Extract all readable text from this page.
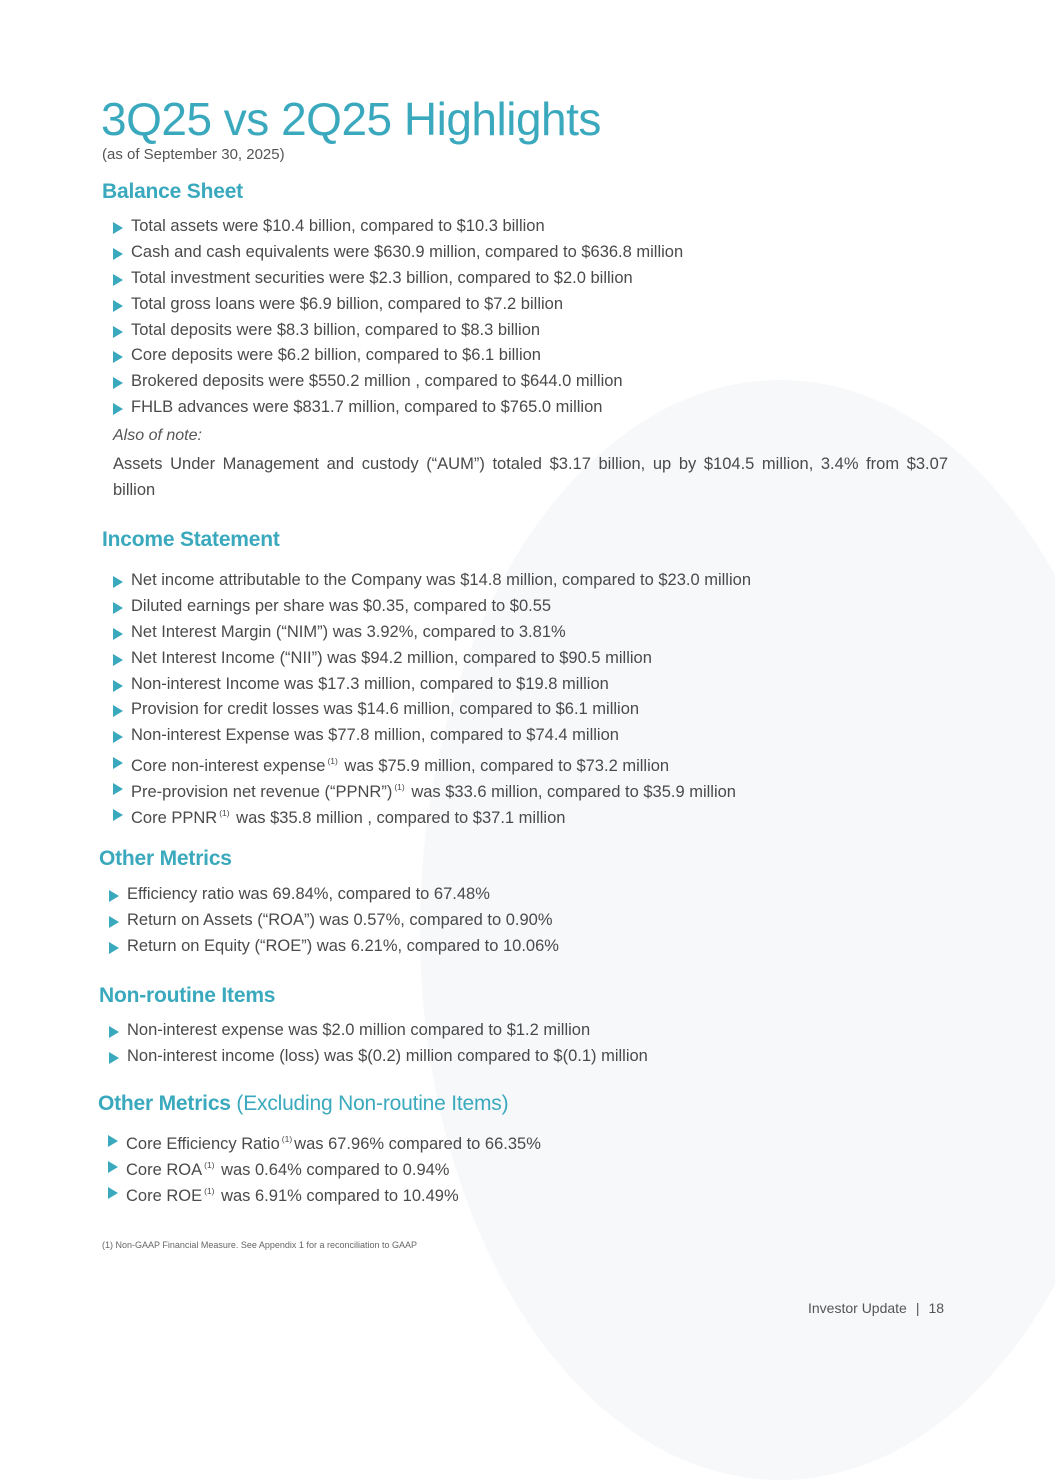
3Q25 vs 2Q25 Highlights
(as of September 30, 2025)
Balance Sheet
Total assets were $10.4 billion, compared to $10.3 billion
Cash and cash equivalents were $630.9 million, compared to $636.8 million
Total investment securities were $2.3 billion, compared to $2.0 billion
Total gross loans were $6.9 billion, compared to $7.2 billion
Total deposits were $8.3 billion, compared to $8.3 billion
Core deposits were $6.2 billion, compared to $6.1 billion
Brokered deposits were $550.2 million , compared to $644.0 million
FHLB advances were $831.7 million, compared to $765.0 million
Also of note:
Assets Under Management and custody (“AUM”) totaled $3.17 billion, up by $104.5 million, 3.4% from $3.07 billion
Income Statement
Net income attributable to the Company was $14.8 million, compared to $23.0 million
Diluted earnings per share was $0.35, compared to $0.55
Net Interest Margin (“NIM”) was 3.92%, compared to 3.81%
Net Interest Income (“NII”) was $94.2 million, compared to $90.5 million
Non-interest Income was $17.3 million, compared to $19.8 million
Provision for credit losses was $14.6 million, compared to $6.1 million
Non-interest Expense was $77.8 million, compared to $74.4 million
Core non-interest expense $^{(1)}$ was $75.9 million, compared to $73.2 million
Pre-provision net revenue (“PPNR”) $^{(1)}$ was $33.6 million, compared to $35.9 million
Core PPNR $^{(1)}$ was $35.8 million , compared to $37.1 million
Other Metrics
Efficiency ratio was 69.84%, compared to 67.48%
Return on Assets (“ROA”) was 0.57%, compared to 0.90%
Return on Equity (“ROE”) was 6.21%, compared to 10.06%
Non-routine Items
Non-interest expense was $2.0 million compared to $1.2 million
Non-interest income (loss) was $(0.2) million compared to $(0.1) million
Other Metrics (Excluding Non-routine Items)
Core Efficiency Ratio $^{(1)}$ was 67.96% compared to 66.35%
Core ROA $^{(1)}$ was 0.64% compared to 0.94%
Core ROE $^{(1)}$ was 6.91% compared to 10.49%
(1) Non-GAAP Financial Measure. See Appendix 1 for a reconciliation to GAAP
Investor Update | 18
